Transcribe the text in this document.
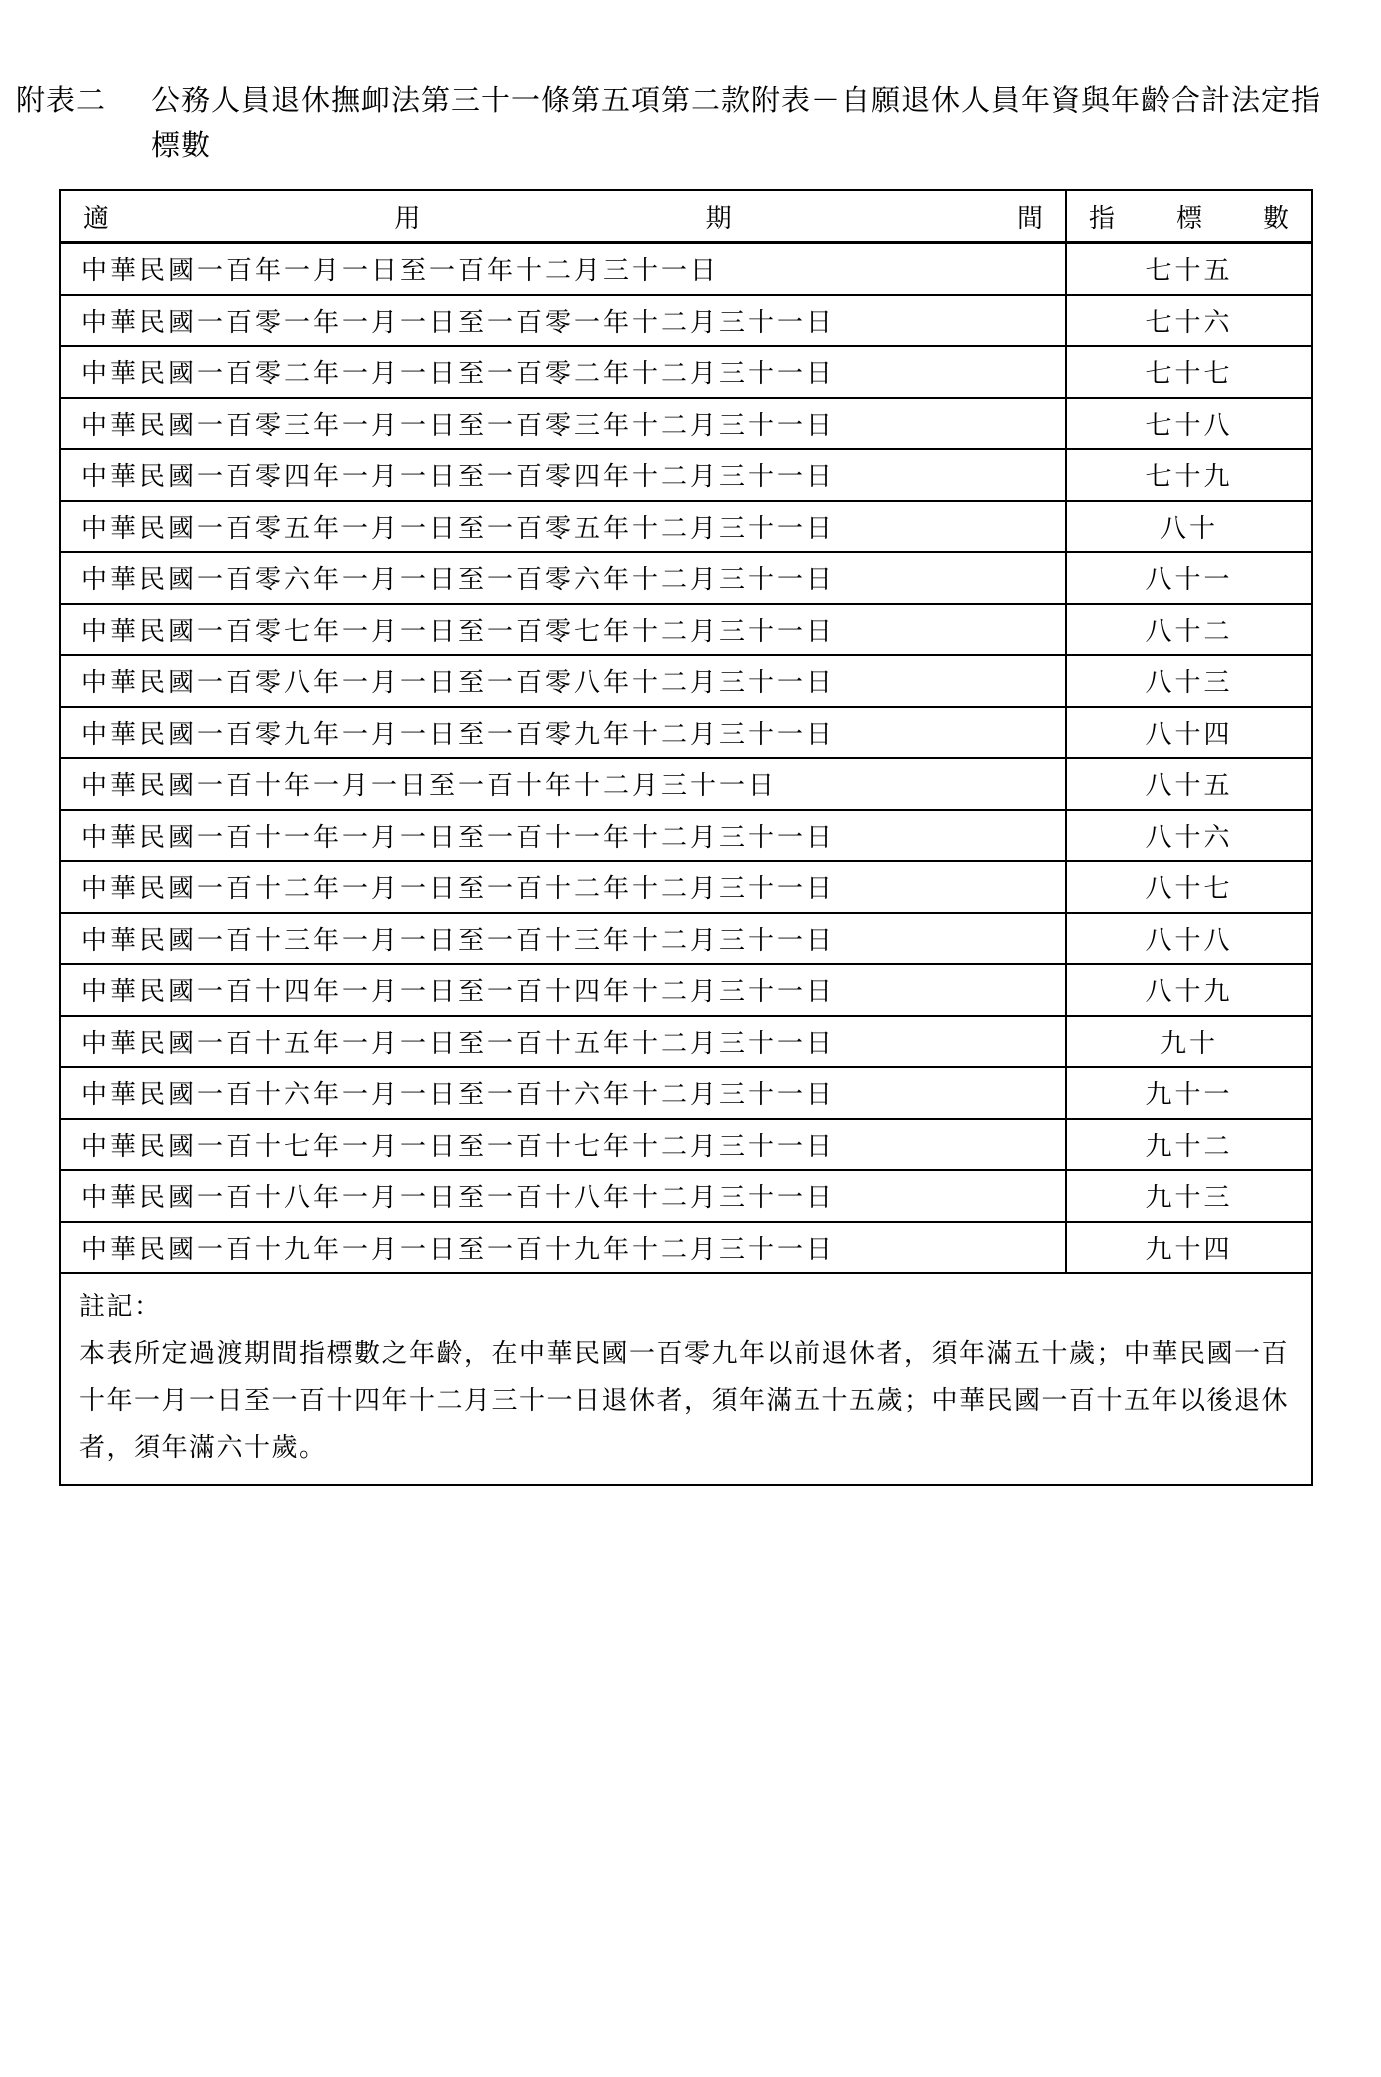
附表二 公務人員退休撫卹法第三十一條第五項第二款附表－自願退休人員年資與年齡合計法定指標數
適 用 期 間	指 標 數

中華民國一百年一月一日至一百年十二月三十一日	七十五
中華民國一百零一年一月一日至一百零一年十二月三十一日	七十六
中華民國一百零二年一月一日至一百零二年十二月三十一日	七十七
中華民國一百零三年一月一日至一百零三年十二月三十一日	七十八
中華民國一百零四年一月一日至一百零四年十二月三十一日	七十九
中華民國一百零五年一月一日至一百零五年十二月三十一日	八十
中華民國一百零六年一月一日至一百零六年十二月三十一日	八十一
中華民國一百零七年一月一日至一百零七年十二月三十一日	八十二
中華民國一百零八年一月一日至一百零八年十二月三十一日	八十三
中華民國一百零九年一月一日至一百零九年十二月三十一日	八十四
中華民國一百十年一月一日至一百十年十二月三十一日	八十五
中華民國一百十一年一月一日至一百十一年十二月三十一日	八十六
中華民國一百十二年一月一日至一百十二年十二月三十一日	八十七
中華民國一百十三年一月一日至一百十三年十二月三十一日	八十八
中華民國一百十四年一月一日至一百十四年十二月三十一日	八十九
中華民國一百十五年一月一日至一百十五年十二月三十一日	九十
中華民國一百十六年一月一日至一百十六年十二月三十一日	九十一
中華民國一百十七年一月一日至一百十七年十二月三十一日	九十二
中華民國一百十八年一月一日至一百十八年十二月三十一日	九十三
中華民國一百十九年一月一日至一百十九年十二月三十一日	九十四

註記：
本表所定過渡期間指標數之年齡，在中華民國一百零九年以前退休者，須年滿五十歲；中華民國一百十年一月一日至一百十四年十二月三十一日退休者，須年滿五十五歲；中華民國一百十五年以後退休者，須年滿六十歲。	
